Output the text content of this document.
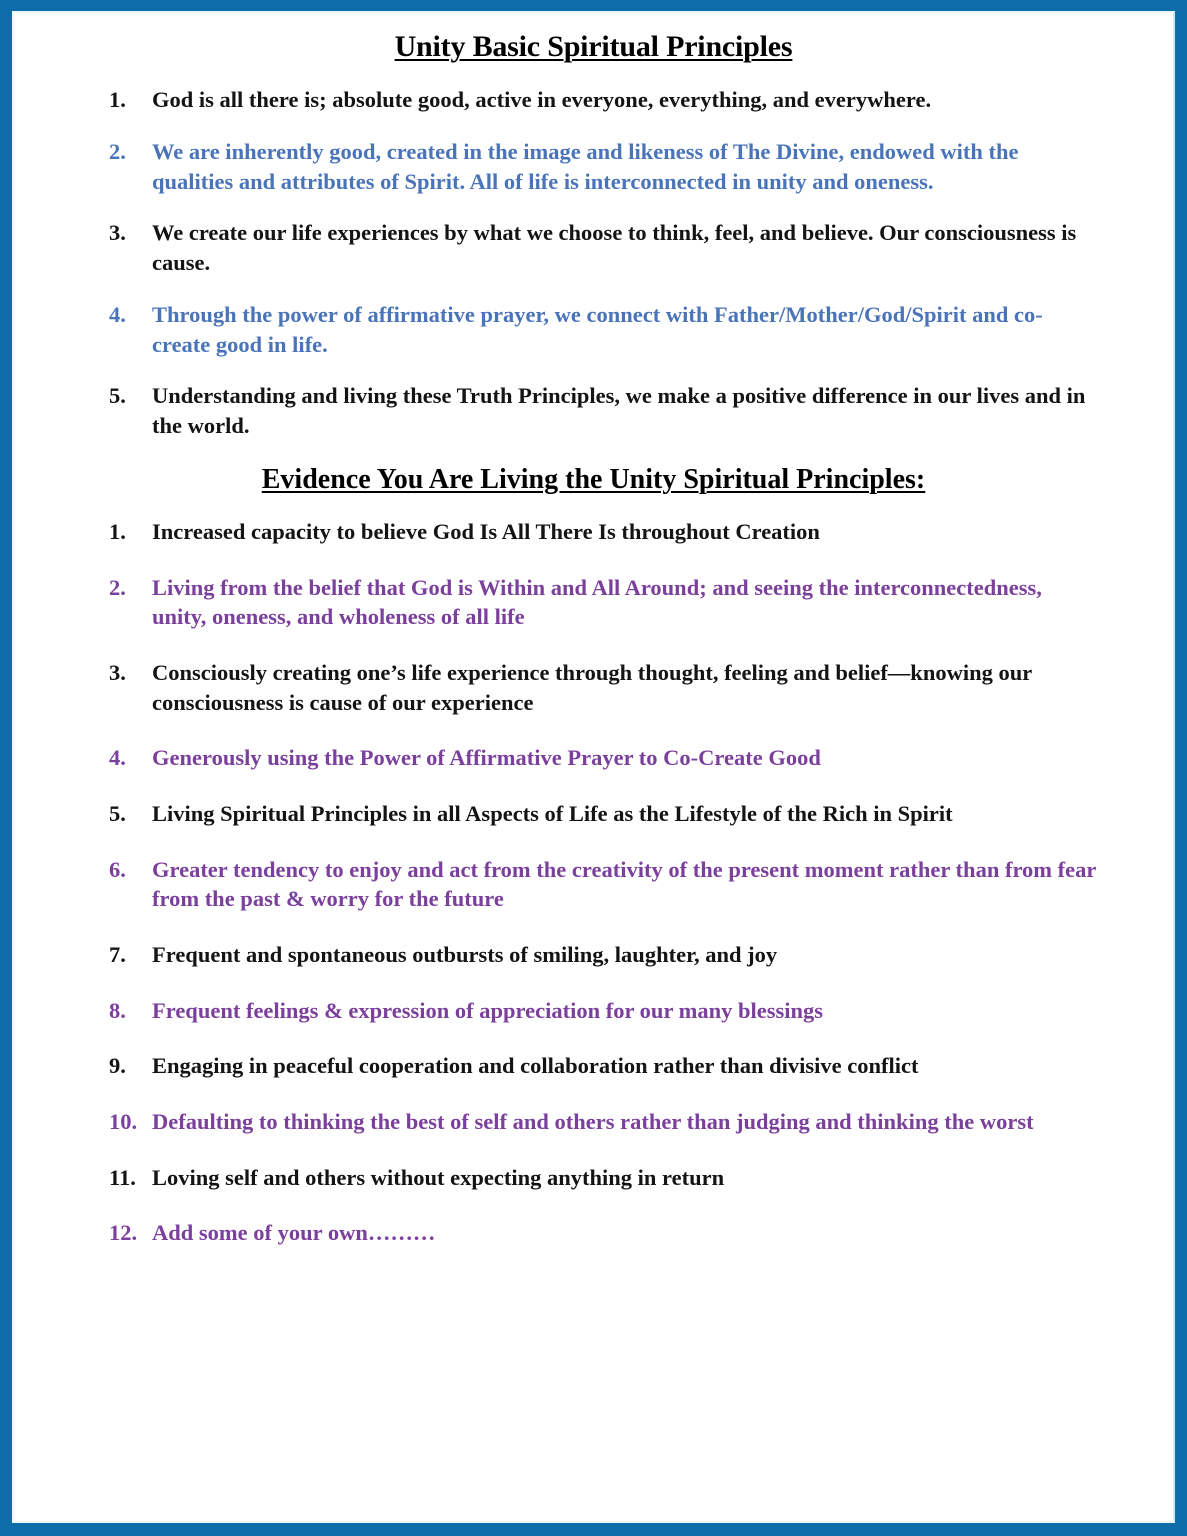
Unity Basic Spiritual Principles
1.	God is all there is; absolute good, active in everyone, everything, and everywhere.
2.	We are inherently good, created in the image and likeness of The Divine, endowed with the qualities and attributes of Spirit. All of life is interconnected in unity and oneness.
3.	We create our life experiences by what we choose to think, feel, and believe. Our consciousness is cause.
4.	Through the power of affirmative prayer, we connect with Father/Mother/God/Spirit and co-create good in life.
5.	Understanding and living these Truth Principles, we make a positive difference in our lives and in the world.
Evidence You Are Living the Unity Spiritual Principles:
1.	Increased capacity to believe God Is All There Is throughout Creation
2.	Living from the belief that God is Within and All Around; and seeing the interconnectedness, unity, oneness, and wholeness of all life
3.	Consciously creating one’s life experience through thought, feeling and belief—knowing our consciousness is cause of our experience
4.	Generously using the Power of Affirmative Prayer to Co-Create Good
5.	Living Spiritual Principles in all Aspects of Life as the Lifestyle of the Rich in Spirit
6.	Greater tendency to enjoy and act from the creativity of the present moment rather than from fear from the past & worry for the future
7.	Frequent and spontaneous outbursts of smiling, laughter, and joy
8.	Frequent feelings & expression of appreciation for our many blessings
9.	Engaging in peaceful cooperation and collaboration rather than divisive conflict
10. Defaulting to thinking the best of self and others rather than judging and thinking the worst
11. Loving self and others without expecting anything in return
12. Add some of your own………
